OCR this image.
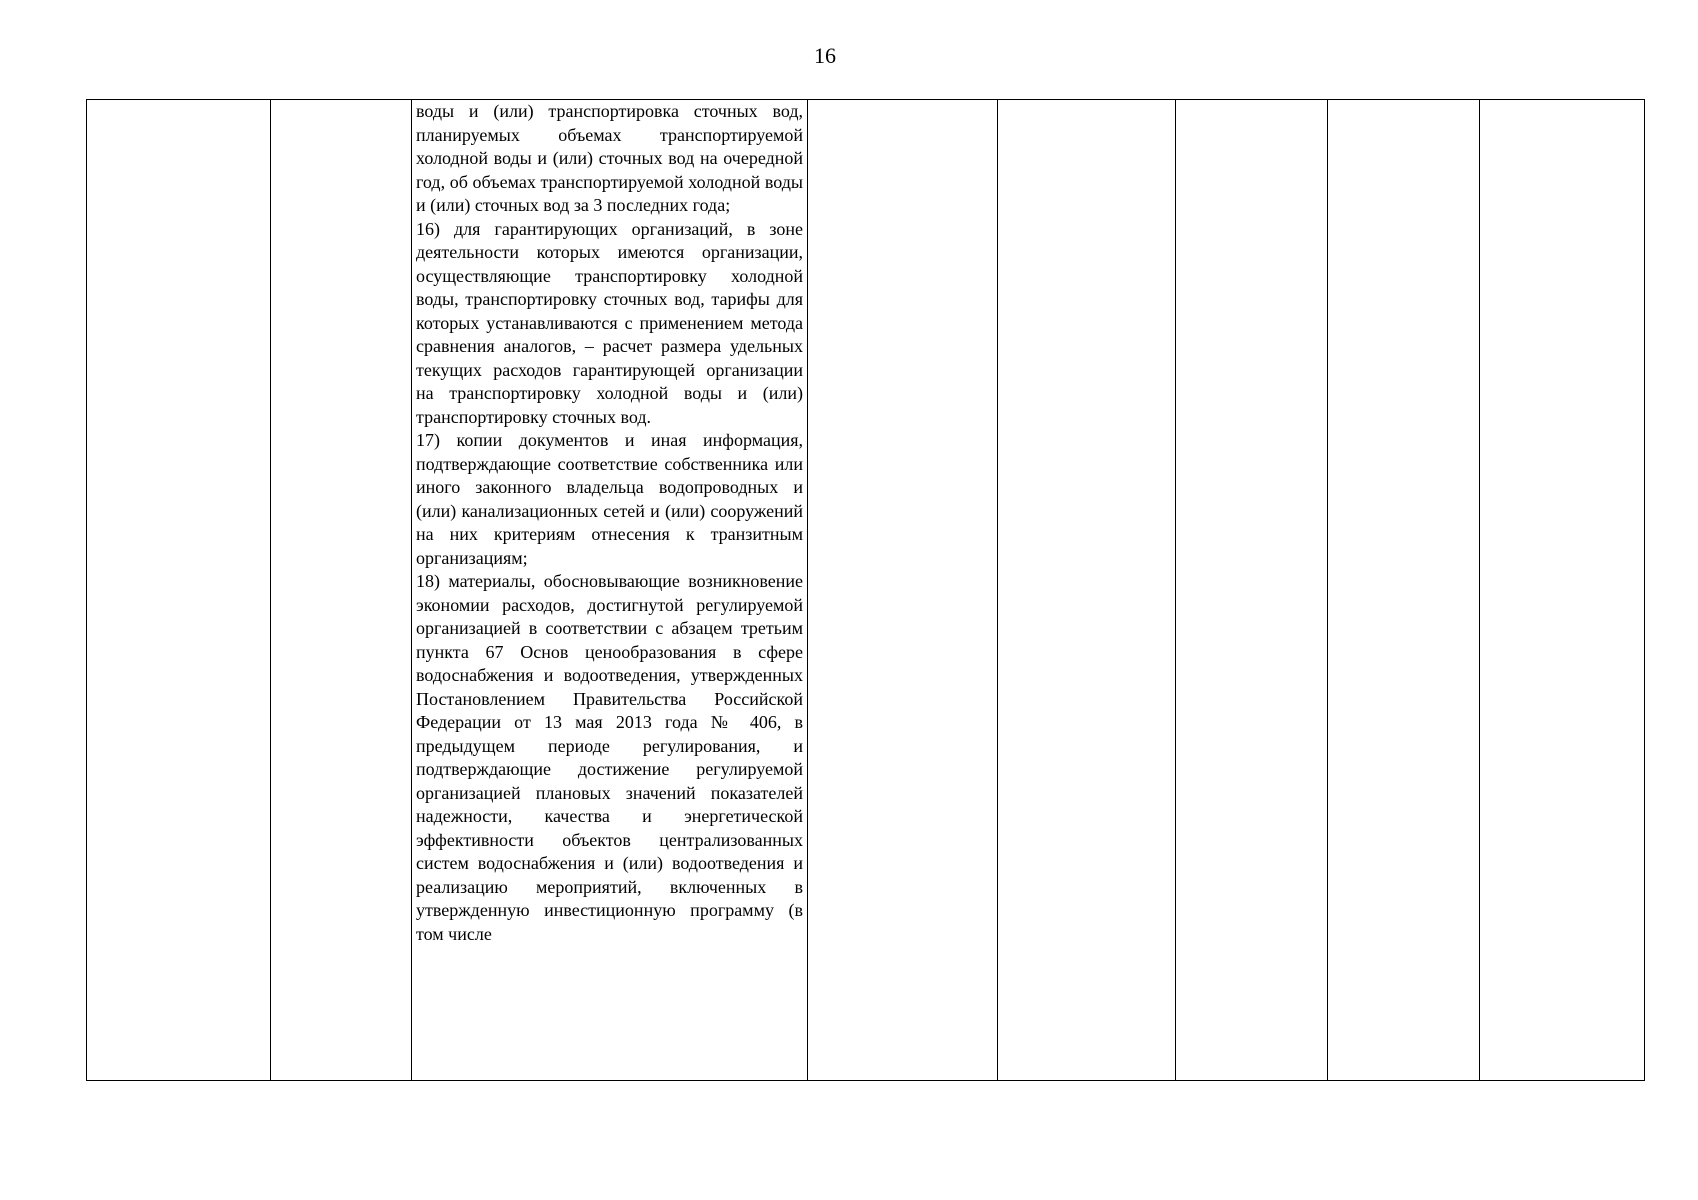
16

воды и (или) транспортировка сточных вод, планируемых объемах транспортируемой холодной воды и (или) сточных вод на очередной год, об объемах транспортируемой холодной воды и (или) сточных вод за 3 последних года;

16) для гарантирующих организаций, в зоне деятельности которых имеются организации, осуществляющие транспортировку холодной воды, транспортировку сточных вод, тарифы для которых устанавливаются с применением метода сравнения аналогов, – расчет размера удельных текущих расходов гарантирующей организации на транспортировку холодной воды и (или) транспортировку сточных вод.

17) копии документов и иная информация, подтверждающие соответствие собственника или иного законного владельца водопроводных и (или) канализационных сетей и (или) сооружений на них критериям отнесения к транзитным организациям;

18) материалы, обосновывающие возникновение экономии расходов, достигнутой регулируемой организацией в соответствии с абзацем третьим пункта 67 Основ ценообразования в сфере водоснабжения и водоотведения, утвержденных Постановлением Правительства Российской Федерации от 13 мая 2013 года № 406, в предыдущем периоде регулирования, и подтверждающие достижение регулируемой организацией плановых значений показателей надежности, качества и энергетической эффективности объектов централизованных систем водоснабжения и (или) водоотведения и реализацию мероприятий, включенных в утвержденную инвестиционную программу (в том числе
